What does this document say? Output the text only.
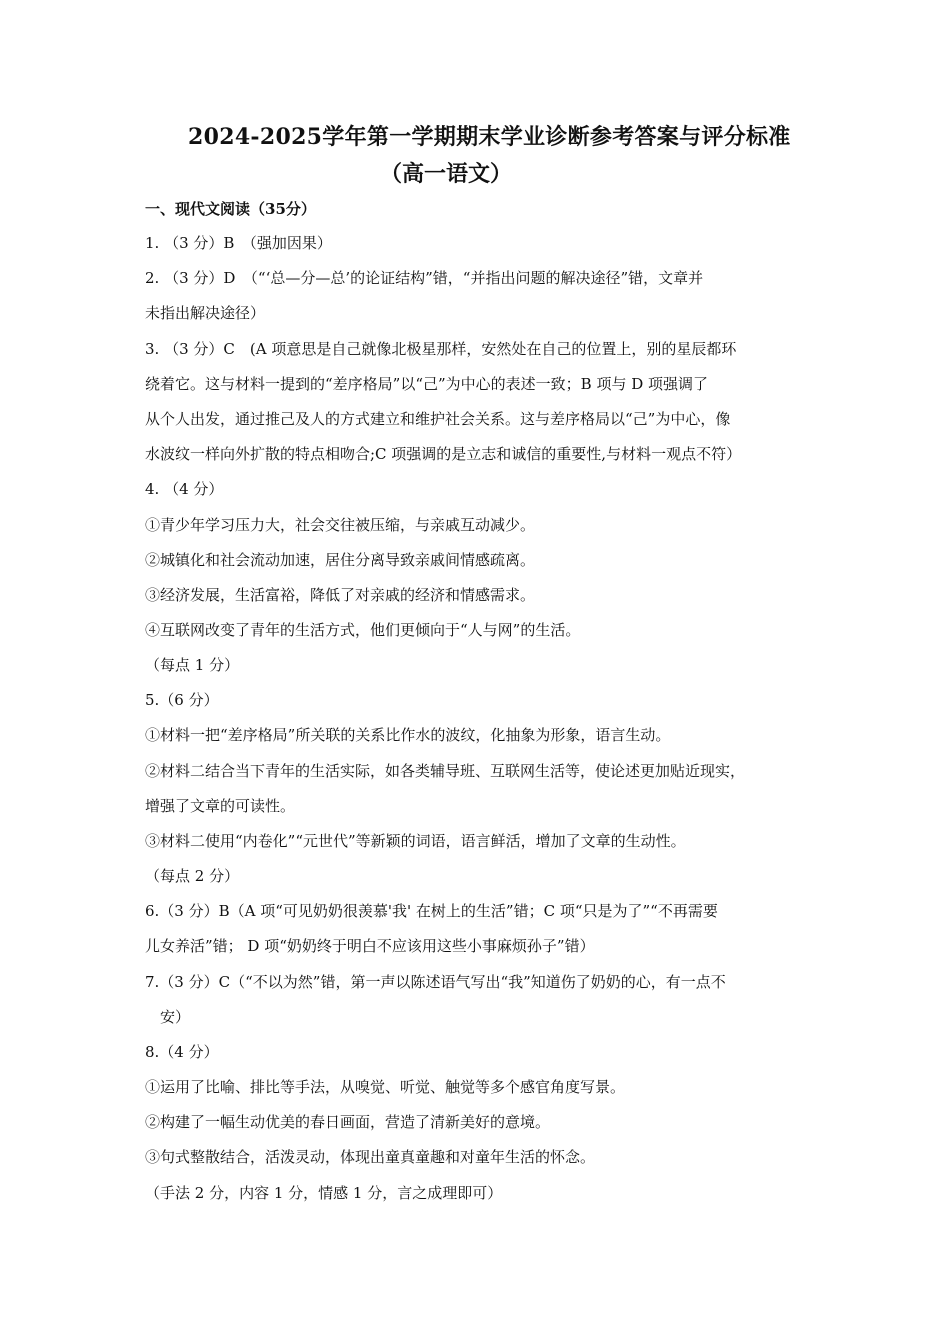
2024-2025学年第一学期期末学业诊断参考答案与评分标准
（高一语文）
一、现代文阅读（35分）
1. （3 分）B　（强加因果）
2. （3 分）D　（“‘总—分—总’的论证结构”错，“并指出问题的解决途径”错，文章并
未指出解决途径）
3. （3 分）C　(A 项意思是自己就像北极星那样，安然处在自己的位置上，别的星辰都环
绕着它。这与材料一提到的“差序格局”以“己”为中心的表述一致；B 项与 D 项强调了
从个人出发，通过推己及人的方式建立和维护社会关系。这与差序格局以“己”为中心，像
水波纹一样向外扩散的特点相吻合;C 项强调的是立志和诚信的重要性,与材料一观点不符）
4. （4 分）
①青少年学习压力大，社会交往被压缩，与亲戚互动减少。
②城镇化和社会流动加速，居住分离导致亲戚间情感疏离。
③经济发展，生活富裕，降低了对亲戚的经济和情感需求。
④互联网改变了青年的生活方式，他们更倾向于“人与网”的生活。
（每点 1 分）
5.（6 分）
①材料一把“差序格局”所关联的关系比作水的波纹，化抽象为形象，语言生动。
②材料二结合当下青年的生活实际，如各类辅导班、互联网生活等，使论述更加贴近现实，
增强了文章的可读性。
③材料二使用“内卷化”“元世代”等新颖的词语，语言鲜活，增加了文章的生动性。
（每点 2 分）
6.（3 分）B（A 项“可见奶奶很羡慕'我' 在树上的生活”错；C 项“只是为了”“不再需要
儿女养活”错； D 项“奶奶终于明白不应该用这些小事麻烦孙子”错）
7.（3 分）C（“不以为然”错，第一声以陈述语气写出“我”知道伤了奶奶的心，有一点不
　安）
8.（4 分）
①运用了比喻、排比等手法，从嗅觉、听觉、触觉等多个感官角度写景。
②构建了一幅生动优美的春日画面，营造了清新美好的意境。
③句式整散结合，活泼灵动，体现出童真童趣和对童年生活的怀念。
（手法 2 分，内容 1 分，情感 1 分，言之成理即可）
